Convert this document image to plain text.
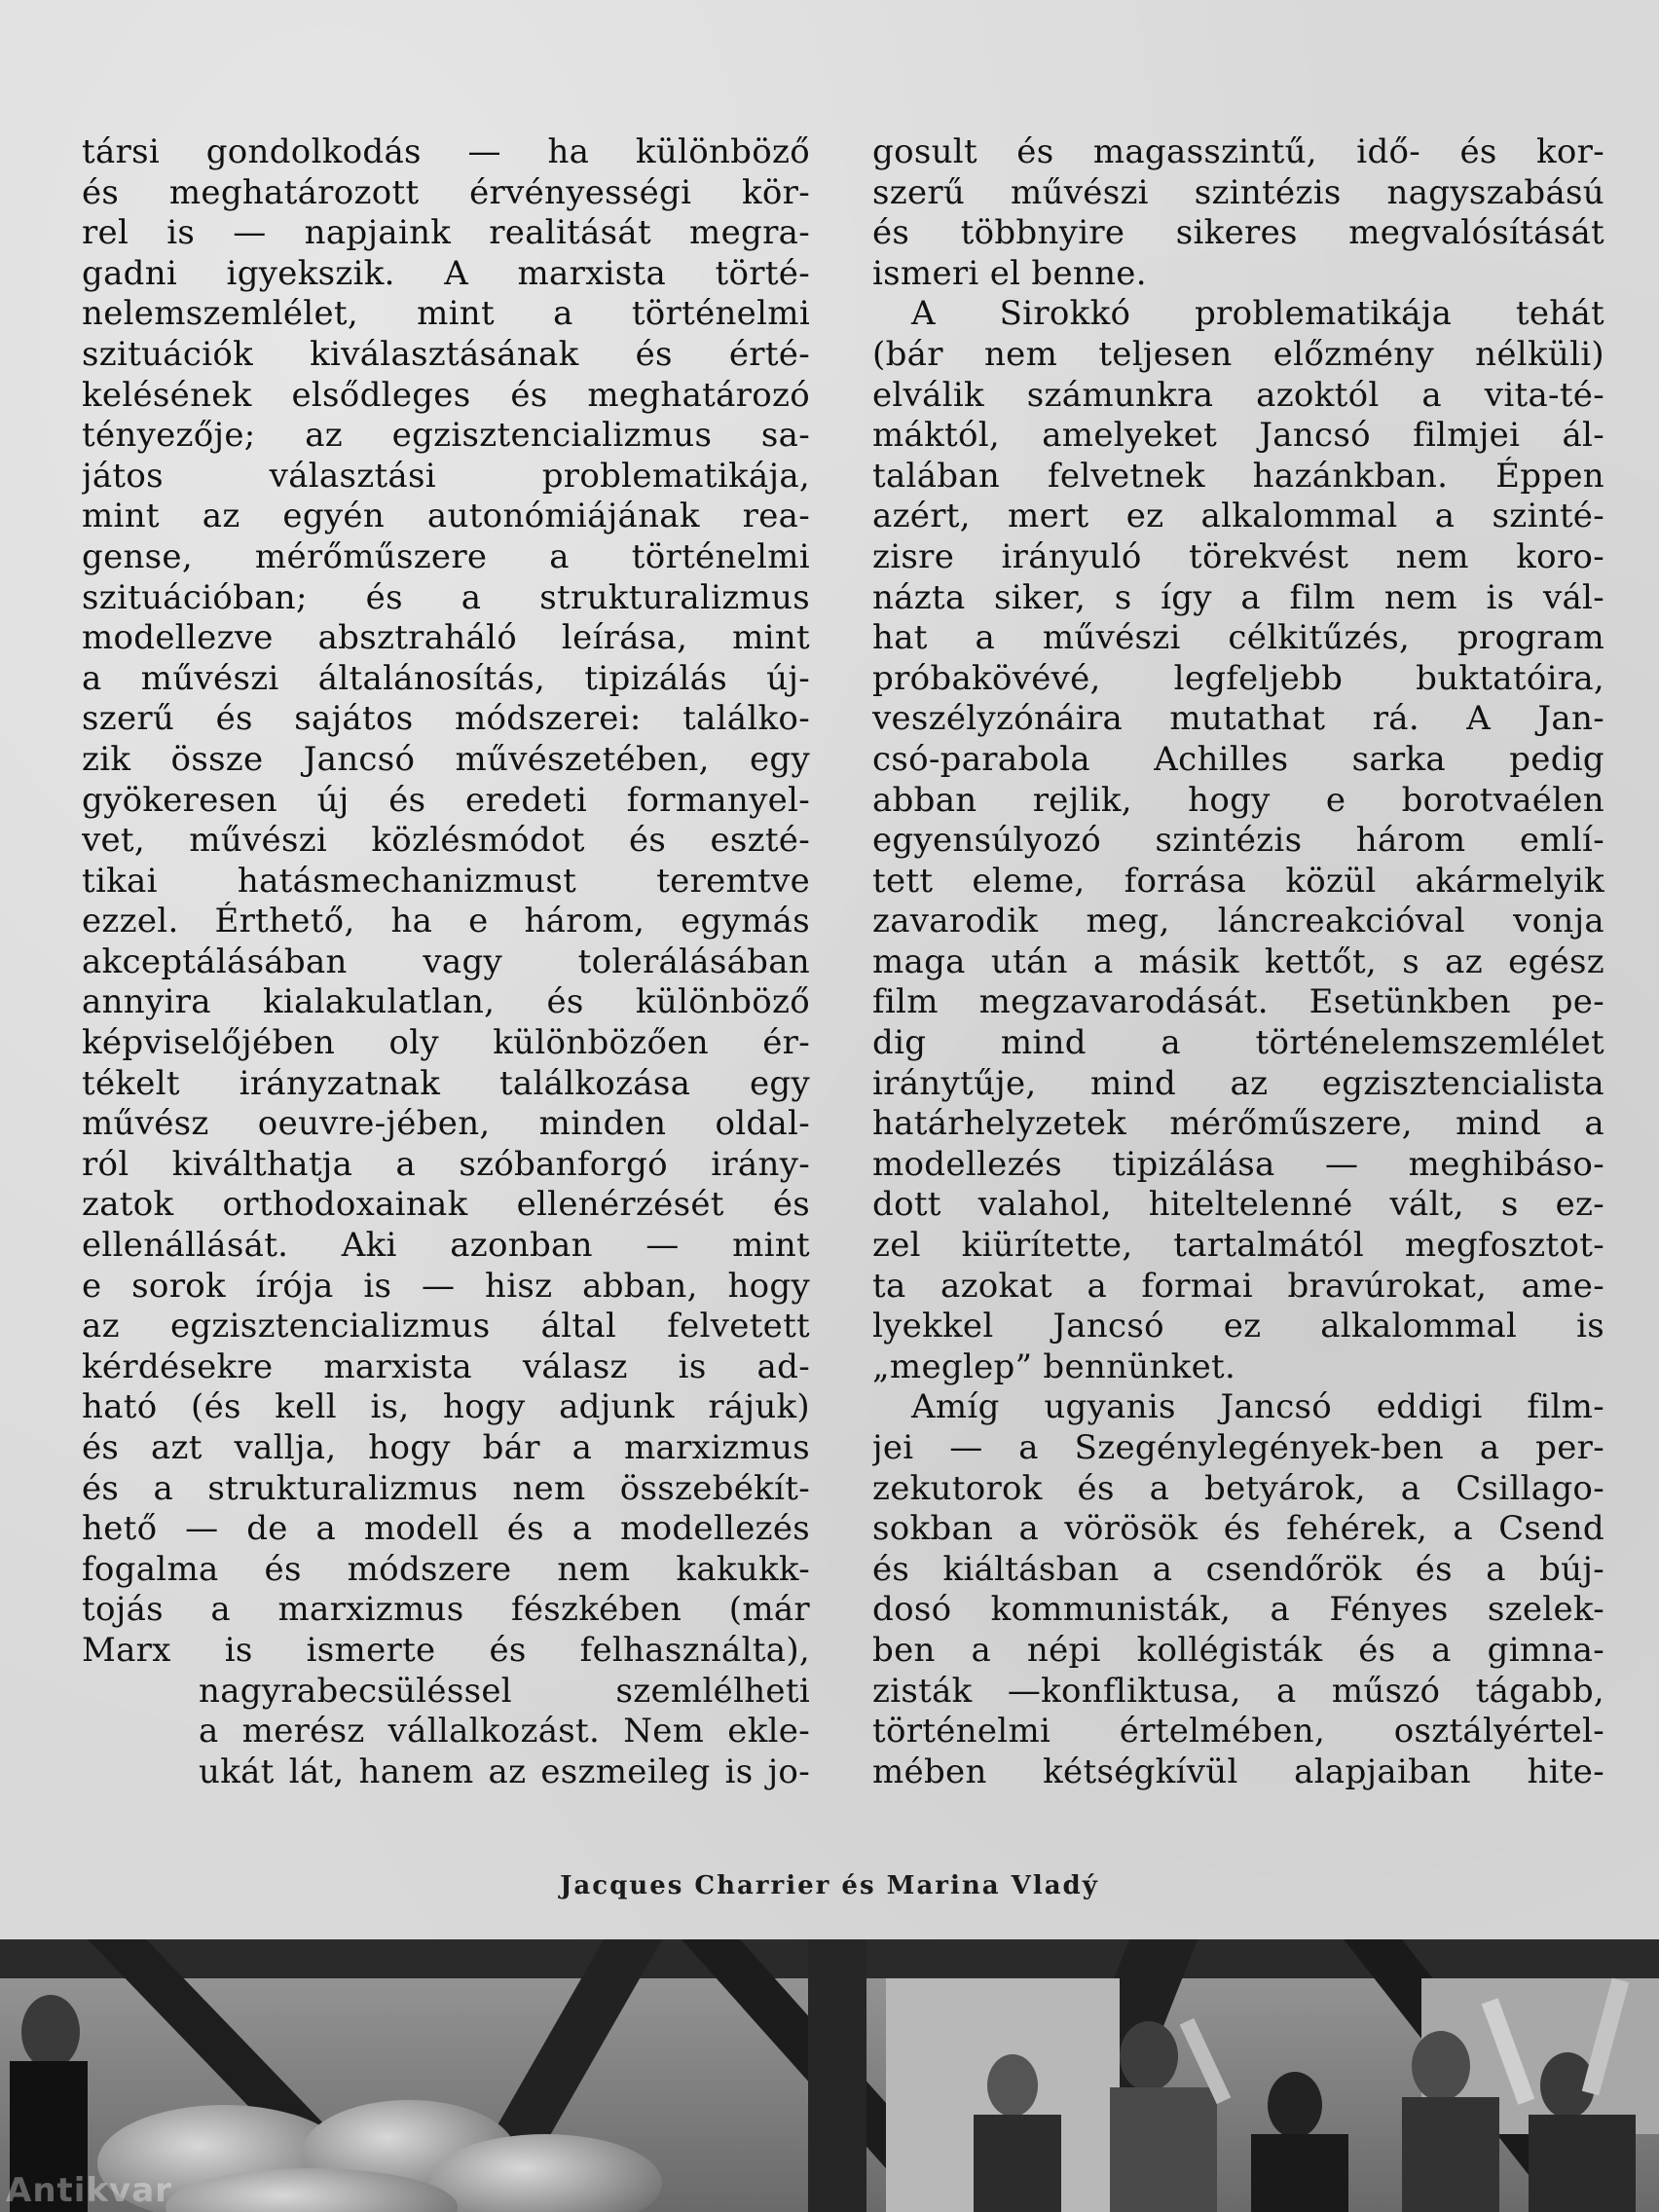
társi gondolkodás — ha különböző
és meghatározott érvényességi kör-
rel is — napjaink realitását megra-
gadni igyekszik. A marxista törté-
nelemszemlélet, mint a történelmi
szituációk kiválasztásának és érté-
kelésének elsődleges és meghatározó
tényezője; az egzisztencializmus sa-
játos választási problematikája,
mint az egyén autonómiájának rea-
gense, mérőműszere a történelmi
szituációban; és a strukturalizmus
modellezve absztraháló leírása, mint
a művészi általánosítás, tipizálás új-
szerű és sajátos módszerei: találko-
zik össze Jancsó művészetében, egy
gyökeresen új és eredeti formanyel-
vet, művészi közlésmódot és eszté-
tikai hatásmechanizmust teremtve
ezzel. Érthető, ha e három, egymás
akceptálásában vagy tolerálásában
annyira kialakulatlan, és különböző
képviselőjében oly különbözően ér-
tékelt irányzatnak találkozása egy
művész oeuvre-jében, minden oldal-
ról kiválthatja a szóbanforgó irány-
zatok orthodoxainak ellenérzését és
ellenállását. Aki azonban — mint
e sorok írója is — hisz abban, hogy
az egzisztencializmus által felvetett
kérdésekre marxista válasz is ad-
ható (és kell is, hogy adjunk rájuk)
és azt vallja, hogy bár a marxizmus
és a strukturalizmus nem összebékít-
hető — de a modell és a modellezés
fogalma és módszere nem kakukk-
tojás a marxizmus fészkében (már
Marx is ismerte és felhasználta),
nagyrabecsüléssel szemlélheti
a merész vállalkozást. Nem ekle-
ukát lát, hanem az eszmeileg is jo-
gosult és magasszintű, idő- és kor-
szerű művészi szintézis nagyszabású
és többnyire sikeres megvalósítását
ismeri el benne.
A Sirokkó problematikája tehát
(bár nem teljesen előzmény nélküli)
elválik számunkra azoktól a vita-té-
máktól, amelyeket Jancsó filmjei ál-
talában felvetnek hazánkban. Éppen
azért, mert ez alkalommal a szinté-
zisre irányuló törekvést nem koro-
názta siker, s így a film nem is vál-
hat a művészi célkitűzés, program
próbakövévé, legfeljebb buktatóira,
veszélyzónáira mutathat rá. A Jan-
csó-parabola Achilles sarka pedig
abban rejlik, hogy e borotvaélen
egyensúlyozó szintézis három emlí-
tett eleme, forrása közül akármelyik
zavarodik meg, láncreakcióval vonja
maga után a másik kettőt, s az egész
film megzavarodását. Esetünkben pe-
dig mind a történelemszemlélet
iránytűje, mind az egzisztencialista
határhelyzetek mérőműszere, mind a
modellezés tipizálása — meghibáso-
dott valahol, hiteltelenné vált, s ez-
zel kiürítette, tartalmától megfosztot-
ta azokat a formai bravúrokat, ame-
lyekkel Jancsó ez alkalommal is
„meglep” bennünket.
Amíg ugyanis Jancsó eddigi film-
jei — a Szegénylegények-ben a per-
zekutorok és a betyárok, a Csillago-
sokban a vörösök és fehérek, a Csend
és kiáltásban a csendőrök és a búj-
dosó kommunisták, a Fényes szelek-
ben a népi kollégisták és a gimna-
zisták —konfliktusa, a műszó tágabb,
történelmi értelmében, osztályértel-
mében kétségkívül alapjaiban hite-
Jacques Charrier és Marina Vladý
Antikvar
